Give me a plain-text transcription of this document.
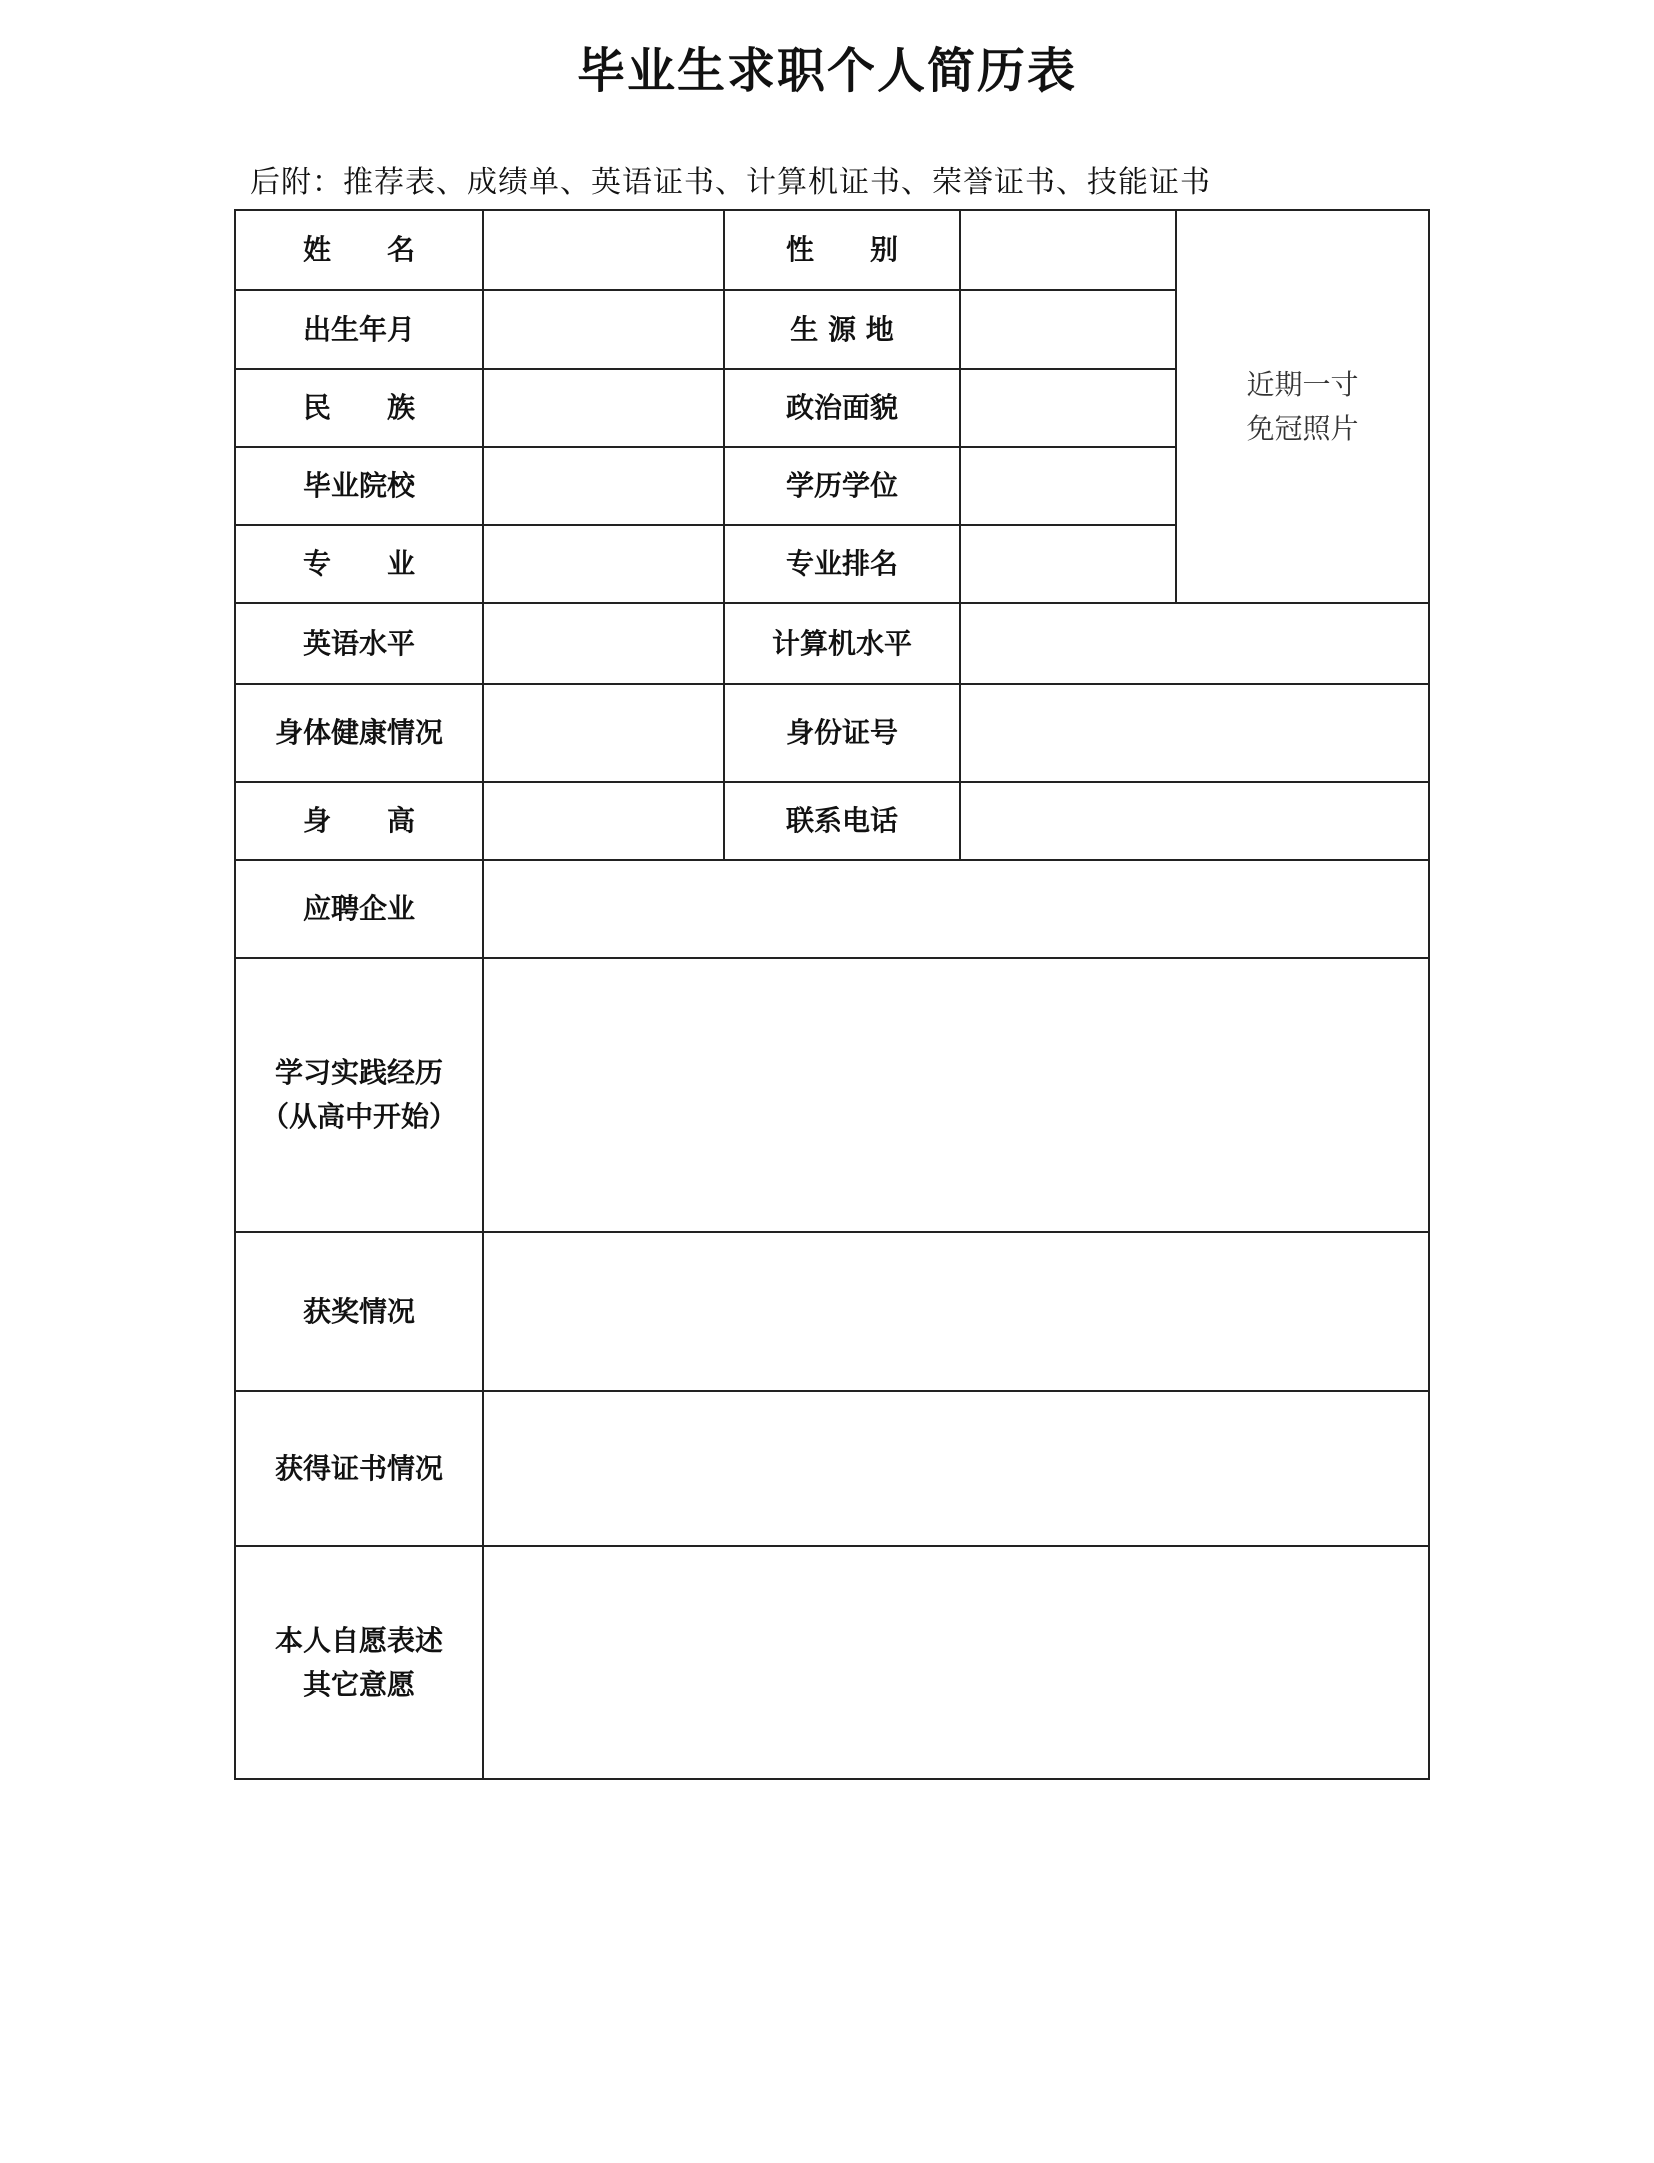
毕业生求职个人简历表
后附：推荐表、成绩单、英语证书、计算机证书、荣誉证书、技能证书
姓　　名		性　　别		近期一寸
免冠照片

出生年月		生 源 地		
民　　族		政治面貌		
毕业院校		学历学位		
专　　业		专业排名		
英语水平		计算机水平		
身体健康情况		身份证号		
身　　高		联系电话		
应聘企业				

学习实践经历
（从高中开始）				

获奖情况				
获得证书情况				

本人自愿表述
其它意愿				
